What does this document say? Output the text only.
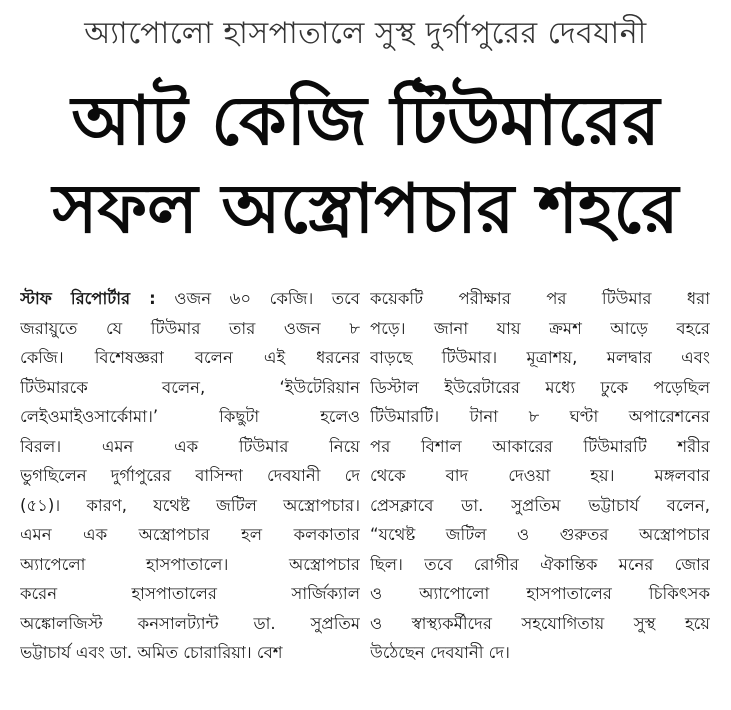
অ্যাপোলো হাসপাতালে সুস্থ দুর্গাপুরের দেবযানী
আট কেজি টিউমারের
সফল অস্ত্রোপচার শহরে
স্টাফ রিপোর্টার : ওজন ৬০ কেজি। তবে
জরায়ুতে যে টিউমার তার ওজন ৮
কেজি। বিশেষজ্ঞরা বলেন এই ধরনের
টিউমারকে বলেন, ‘ইউটেরিয়ান
লেইওমাইওসার্কোমা।’ কিছুটা হলেও
বিরল। এমন এক টিউমার নিয়ে
ভুগছিলেন দুর্গাপুরের বাসিন্দা দেবযানী দে
(৫১)। কারণ, যথেষ্ট জটিল অস্ত্রোপচার।
এমন এক অস্ত্রোপচার হল কলকাতার
অ্যাপেলো হাসপাতালে। অস্ত্রোপচার
করেন হাসপাতালের সার্জিক্যাল
অঙ্কোলজিস্ট কনসালট্যান্ট ডা. সুপ্রতিম
ভট্টাচার্য এবং ডা. অমিত চোরারিয়া। বেশ
কয়েকটি পরীক্ষার পর টিউমার ধরা
পড়ে। জানা যায় ক্রমশ আড়ে বহরে
বাড়ছে টিউমার। মূত্রাশয়, মলদ্বার এবং
ডিস্টাল ইউরেটারের মধ্যে ঢুকে পড়েছিল
টিউমারটি। টানা ৮ ঘণ্টা অপারেশনের
পর বিশাল আকারের টিউমারটি শরীর
থেকে বাদ দেওয়া হয়। মঙ্গলবার
প্রেসক্লাবে ডা. সুপ্রতিম ভট্টাচার্য বলেন,
“যথেষ্ট জটিল ও গুরুতর অস্ত্রোপচার
ছিল। তবে রোগীর ঐকান্তিক মনের জোর
ও অ্যাপোলো হাসপাতালের চিকিৎসক
ও স্বাস্থ্যকর্মীদের সহযোগিতায় সুস্থ হয়ে
উঠেছেন দেবযানী দে।
